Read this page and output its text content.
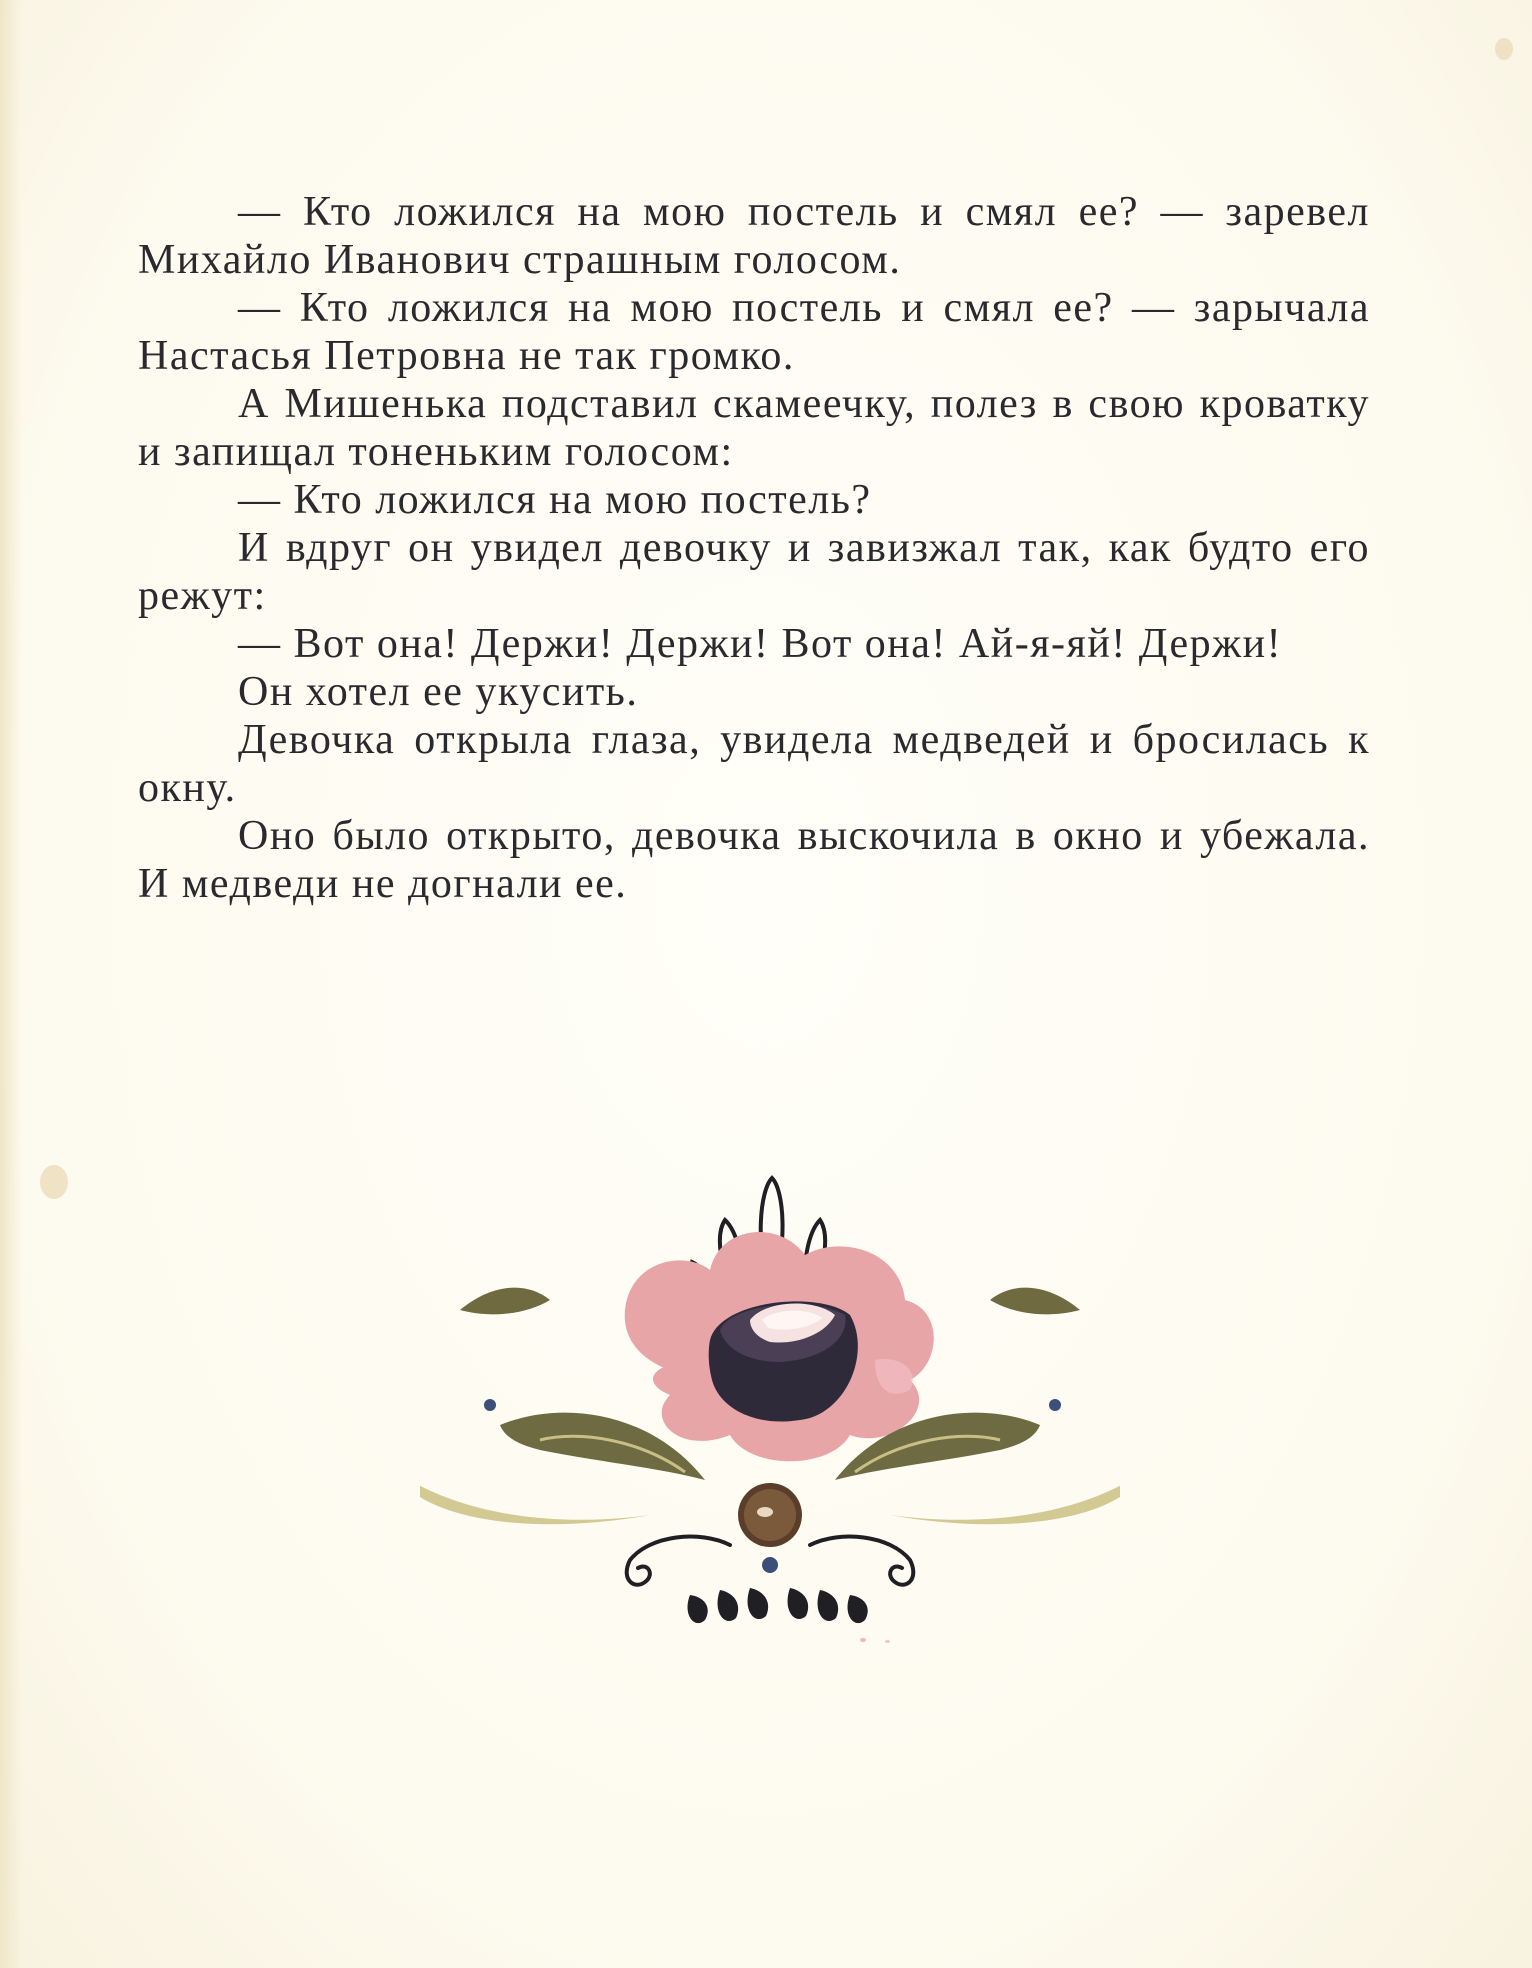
— Кто ложился на мою постель и смял ее? — заревел Михайло Иванович страшным голосом.

— Кто ложился на мою постель и смял ее? — зарычала Настасья Петровна не так громко.

А Мишенька подставил скамеечку, полез в свою кроватку и запищал тоненьким голосом:

— Кто ложился на мою постель?

И вдруг он увидел девочку и завизжал так, как будто его режут:

— Вот она! Держи! Держи! Вот она! Ай-я-яй! Держи!

Он хотел ее укусить.

Девочка открыла глаза, увидела медведей и бросилась к окну.

Оно было открыто, девочка выскочила в окно и убежала. И медведи не догнали ее.
